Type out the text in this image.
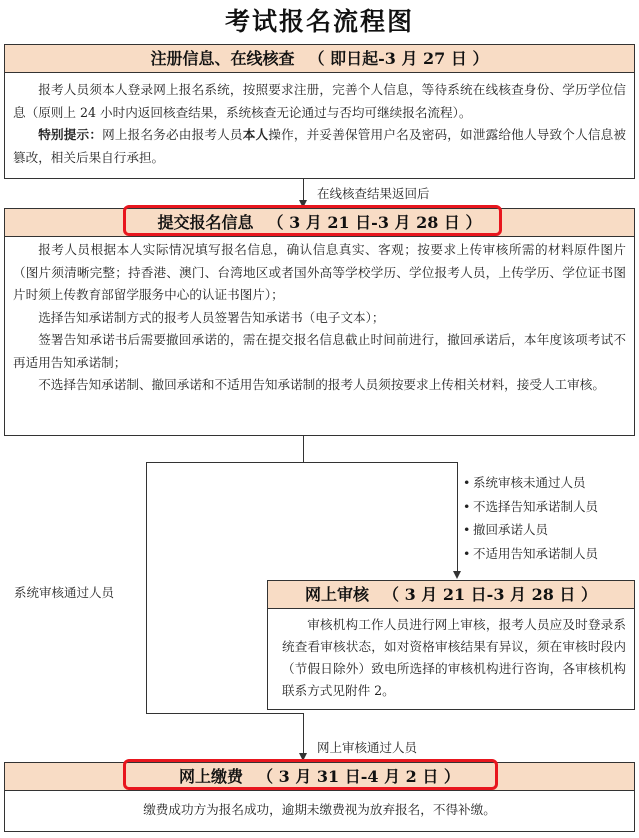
考试报名流程图
注册信息、在线核查 （ 即日起-3 月 27 日 ）

报考人员须本人登录网上报名系统，按照要求注册，完善个人信息，等待系统在线核查身份、学历学位信息（原则上 24 小时内返回核查结果，系统核查无论通过与否均可继续报名流程）。

特别提示：网上报名务必由报考人员本人操作，并妥善保管用户名及密码，如泄露给他人导致个人信息被篡改，相关后果自行承担。

在线核查结果返回后
提交报名信息 （ 3 月 21 日-3 月 28 日 ）

报考人员根据本人实际情况填写报名信息，确认信息真实、客观；按要求上传审核所需的材料原件图片（图片须清晰完整；持香港、澳门、台湾地区或者国外高等学校学历、学位报考人员，上传学历、学位证书图片时须上传教育部留学服务中心的认证书图片）；

选择告知承诺制方式的报考人员签署告知承诺书（电子文本）；

签署告知承诺书后需要撤回承诺的，需在提交报名信息截止时间前进行，撤回承诺后，本年度该项考试不再适用告知承诺制；

不选择告知承诺制、撤回承诺和不适用告知承诺制的报考人员须按要求上传相关材料，接受人工审核。

系统审核通过人员
• 系统审核未通过人员
• 不选择告知承诺制人员
• 撤回承诺人员
• 不适用告知承诺制人员
网上审核 （ 3 月 21 日-3 月 28 日 ）

审核机构工作人员进行网上审核，报考人员应及时登录系统查看审核状态，如对资格审核结果有异议，须在审核时段内（节假日除外）致电所选择的审核机构进行咨询，各审核机构联系方式见附件 2。

网上审核通过人员
网上缴费 （ 3 月 31 日-4 月 2 日 ）
缴费成功方为报名成功，逾期未缴费视为放弃报名，不得补缴。
